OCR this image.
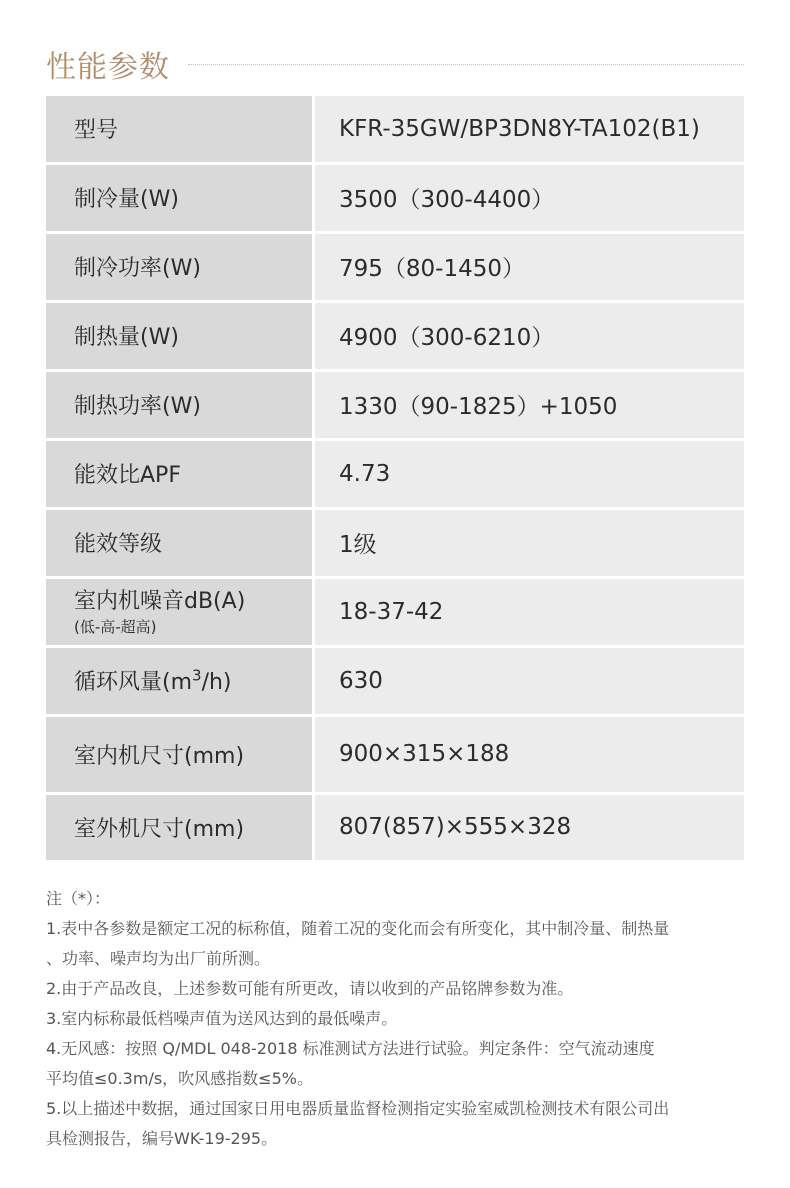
性能参数
型号	KFR-35GW/BP3DN8Y-TA102(B1)
制冷量(W)	3500（300-4400）
制冷功率(W)	795（80-1450）
制热量(W)	4900（300-6210）
制热功率(W)	1330（90-1825）+1050
能效比APF	4.73
能效等级	1级

室内机噪音dB(A)
(低-高-超高)	18-37-42
循环风量$(m^3/h)$	630
室内机尺寸(mm)	900×315×188
室外机尺寸(mm)	807(857)×555×328
注（*）：
1.表中各参数是额定工况的标称值，随着工况的变化而会有所变化，其中制冷量、制热量
、功率、噪声均为出厂前所测。
2.由于产品改良，上述参数可能有所更改，请以收到的产品铭牌参数为准。
3.室内标称最低档噪声值为送风达到的最低噪声。
4.无风感：按照 Q/MDL 048-2018 标准测试方法进行试验。判定条件：空气流动速度
平均值≤0.3m/s，吹风感指数≤5%。
5.以上描述中数据，通过国家日用电器质量监督检测指定实验室威凯检测技术有限公司出
具检测报告，编号WK-19-295。
